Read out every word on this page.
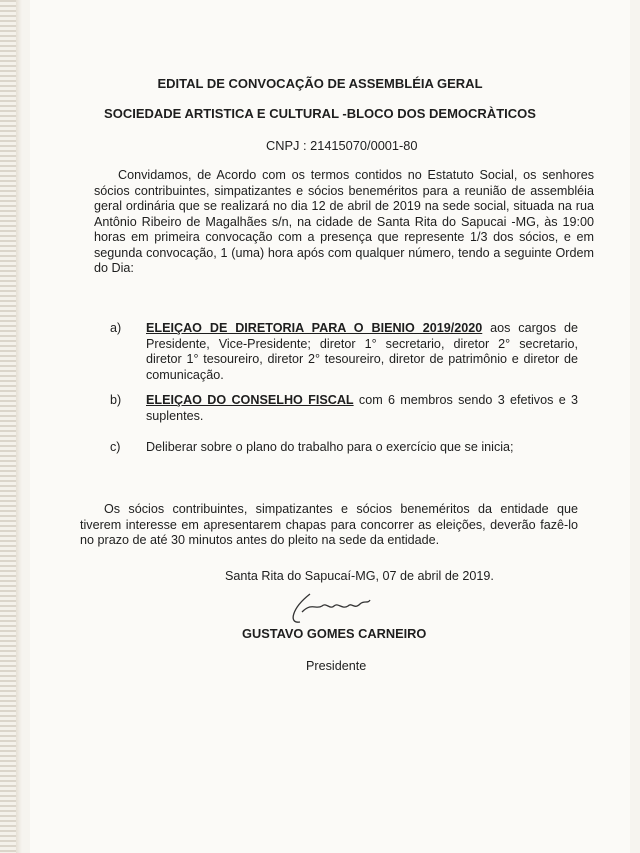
EDITAL DE CONVOCAÇÃO DE ASSEMBLÉIA GERAL
SOCIEDADE ARTISTICA E CULTURAL -BLOCO DOS DEMOCRÀTICOS
CNPJ : 21415070/0001-80
Convidamos, de Acordo com os termos contidos no Estatuto Social, os senhores sócios contribuintes, simpatizantes e sócios beneméritos para a reunião de assembléia geral ordinária que se realizará no dia 12 de abril de 2019 na sede social, situada na rua Antônio Ribeiro de Magalhães s/n, na cidade de Santa Rita do Sapucai -MG, às 19:00 horas em primeira convocação com a presença que represente 1/3 dos sócios, e em segunda convocação, 1 (uma) hora após com qualquer número, tendo a seguinte Ordem do Dia:
a) ELEIÇAO DE DIRETORIA PARA O BIENIO 2019/2020 aos cargos de Presidente, Vice-Presidente; diretor 1° secretario, diretor 2° secretario, diretor 1° tesoureiro, diretor 2° tesoureiro, diretor de patrimônio e diretor de comunicação.
b) ELEIÇAO DO CONSELHO FISCAL com 6 membros sendo 3 efetivos e 3 suplentes.
c) Deliberar sobre o plano do trabalho para o exercício que se inicia;
Os sócios contribuintes, simpatizantes e sócios beneméritos da entidade que tiverem interesse em apresentarem chapas para concorrer as eleições, deverão fazê-lo no prazo de até 30 minutos antes do pleito na sede da entidade.
Santa Rita do Sapucaí-MG, 07 de abril de 2019.
GUSTAVO GOMES CARNEIRO
Presidente
